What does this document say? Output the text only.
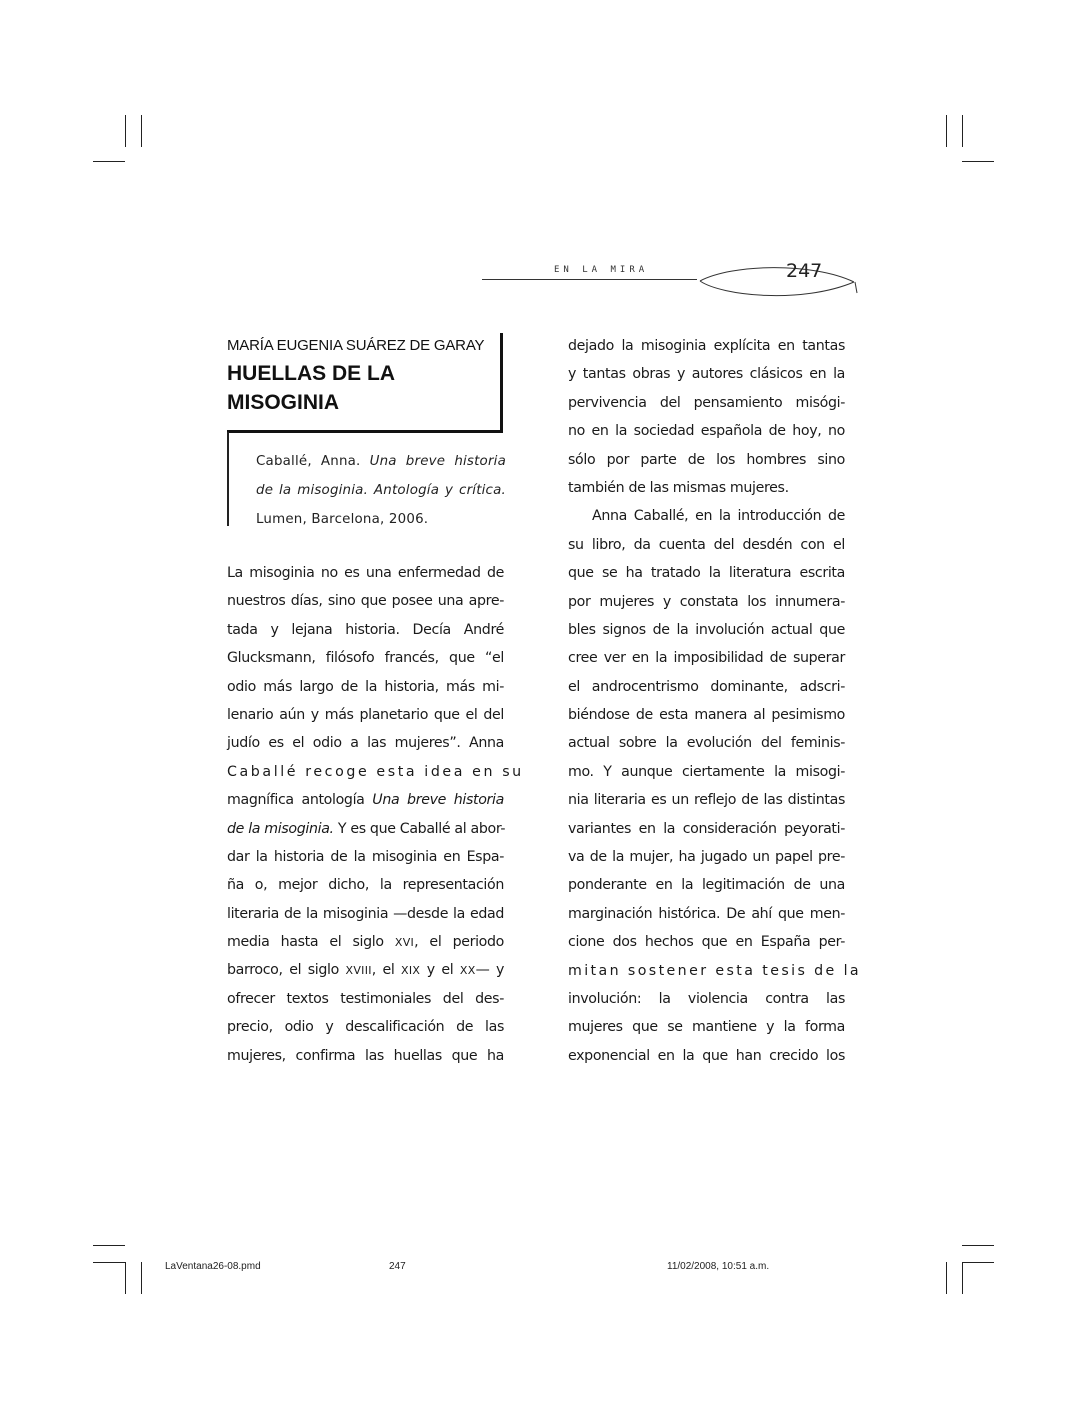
EN LA MIRA	247
MARÍA EUGENIA SUÁREZ DE GARAY
HUELLAS DE LA
MISOGINIA

Caballé, Anna. Una breve historia de la misoginia. Antología y crítica. Lumen, Barcelona, 2006.

La misoginia no es una enfermedad de
nuestros días, sino que posee una apre-
tada y lejana historia. Decía André
Glucksmann, filósofo francés, que “el
odio más largo de la historia, más mi-
lenario aún y más planetario que el del
judío es el odio a las mujeres”. Anna
Caballé recoge esta idea en su
magnífica antología Una breve historia
de la misoginia. Y es que Caballé al abor-
dar la historia de la misoginia en Espa-
ña o, mejor dicho, la representación
literaria de la misoginia —desde la edad
media hasta el siglo XVI, el periodo
barroco, el siglo XVIII, el XIX y el XX— y
ofrecer textos testimoniales del des-
precio, odio y descalificación de las
mujeres, confirma las huellas que ha
dejado la misoginia explícita en tantas
y tantas obras y autores clásicos en la
pervivencia del pensamiento misógi-
no en la sociedad española de hoy, no
sólo por parte de los hombres sino
también de las mismas mujeres.
Anna Caballé, en la introducción de
su libro, da cuenta del desdén con el
que se ha tratado la literatura escrita
por mujeres y constata los innumera-
bles signos de la involución actual que
cree ver en la imposibilidad de superar
el androcentrismo dominante, adscri-
biéndose de esta manera al pesimismo
actual sobre la evolución del feminis-
mo. Y aunque ciertamente la misogi-
nia literaria es un reflejo de las distintas
variantes en la consideración peyorati-
va de la mujer, ha jugado un papel pre-
ponderante en la legitimación de una
marginación histórica. De ahí que men-
cione dos hechos que en España per-
mitan sostener esta tesis de la
involución: la violencia contra las
mujeres que se mantiene y la forma
exponencial en la que han crecido los
LaVentana26-08.pmd	247	11/02/2008, 10:51 a.m.
